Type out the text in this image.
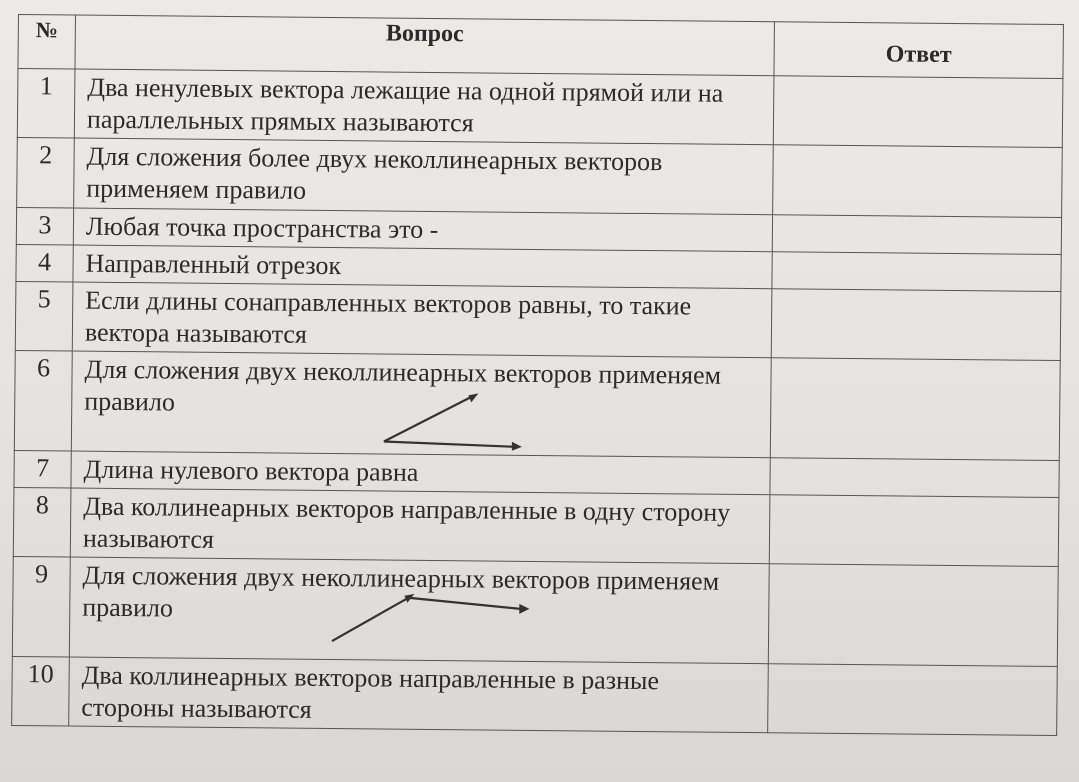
№	Вопрос	Ответ
1	Два ненулевых вектора лежащие на одной прямой или на параллельных прямых называются	
2	Для сложения более двух неколлинеарных векторов применяем правило	
3	Любая точка пространства это -	
4	Направленный отрезок	
5	Если длины сонаправленных векторов равны, то такие вектора называются	
6	Для сложения двух неколлинеарных векторов применяем правило	

7	Длина нулевого вектора равна	
8	Два коллинеарных векторов направленные в одну сторону называются	
9	Для сложения двух неколлинеарных векторов применяем правило	

10	Два коллинеарных векторов направленные в разные стороны называются	
